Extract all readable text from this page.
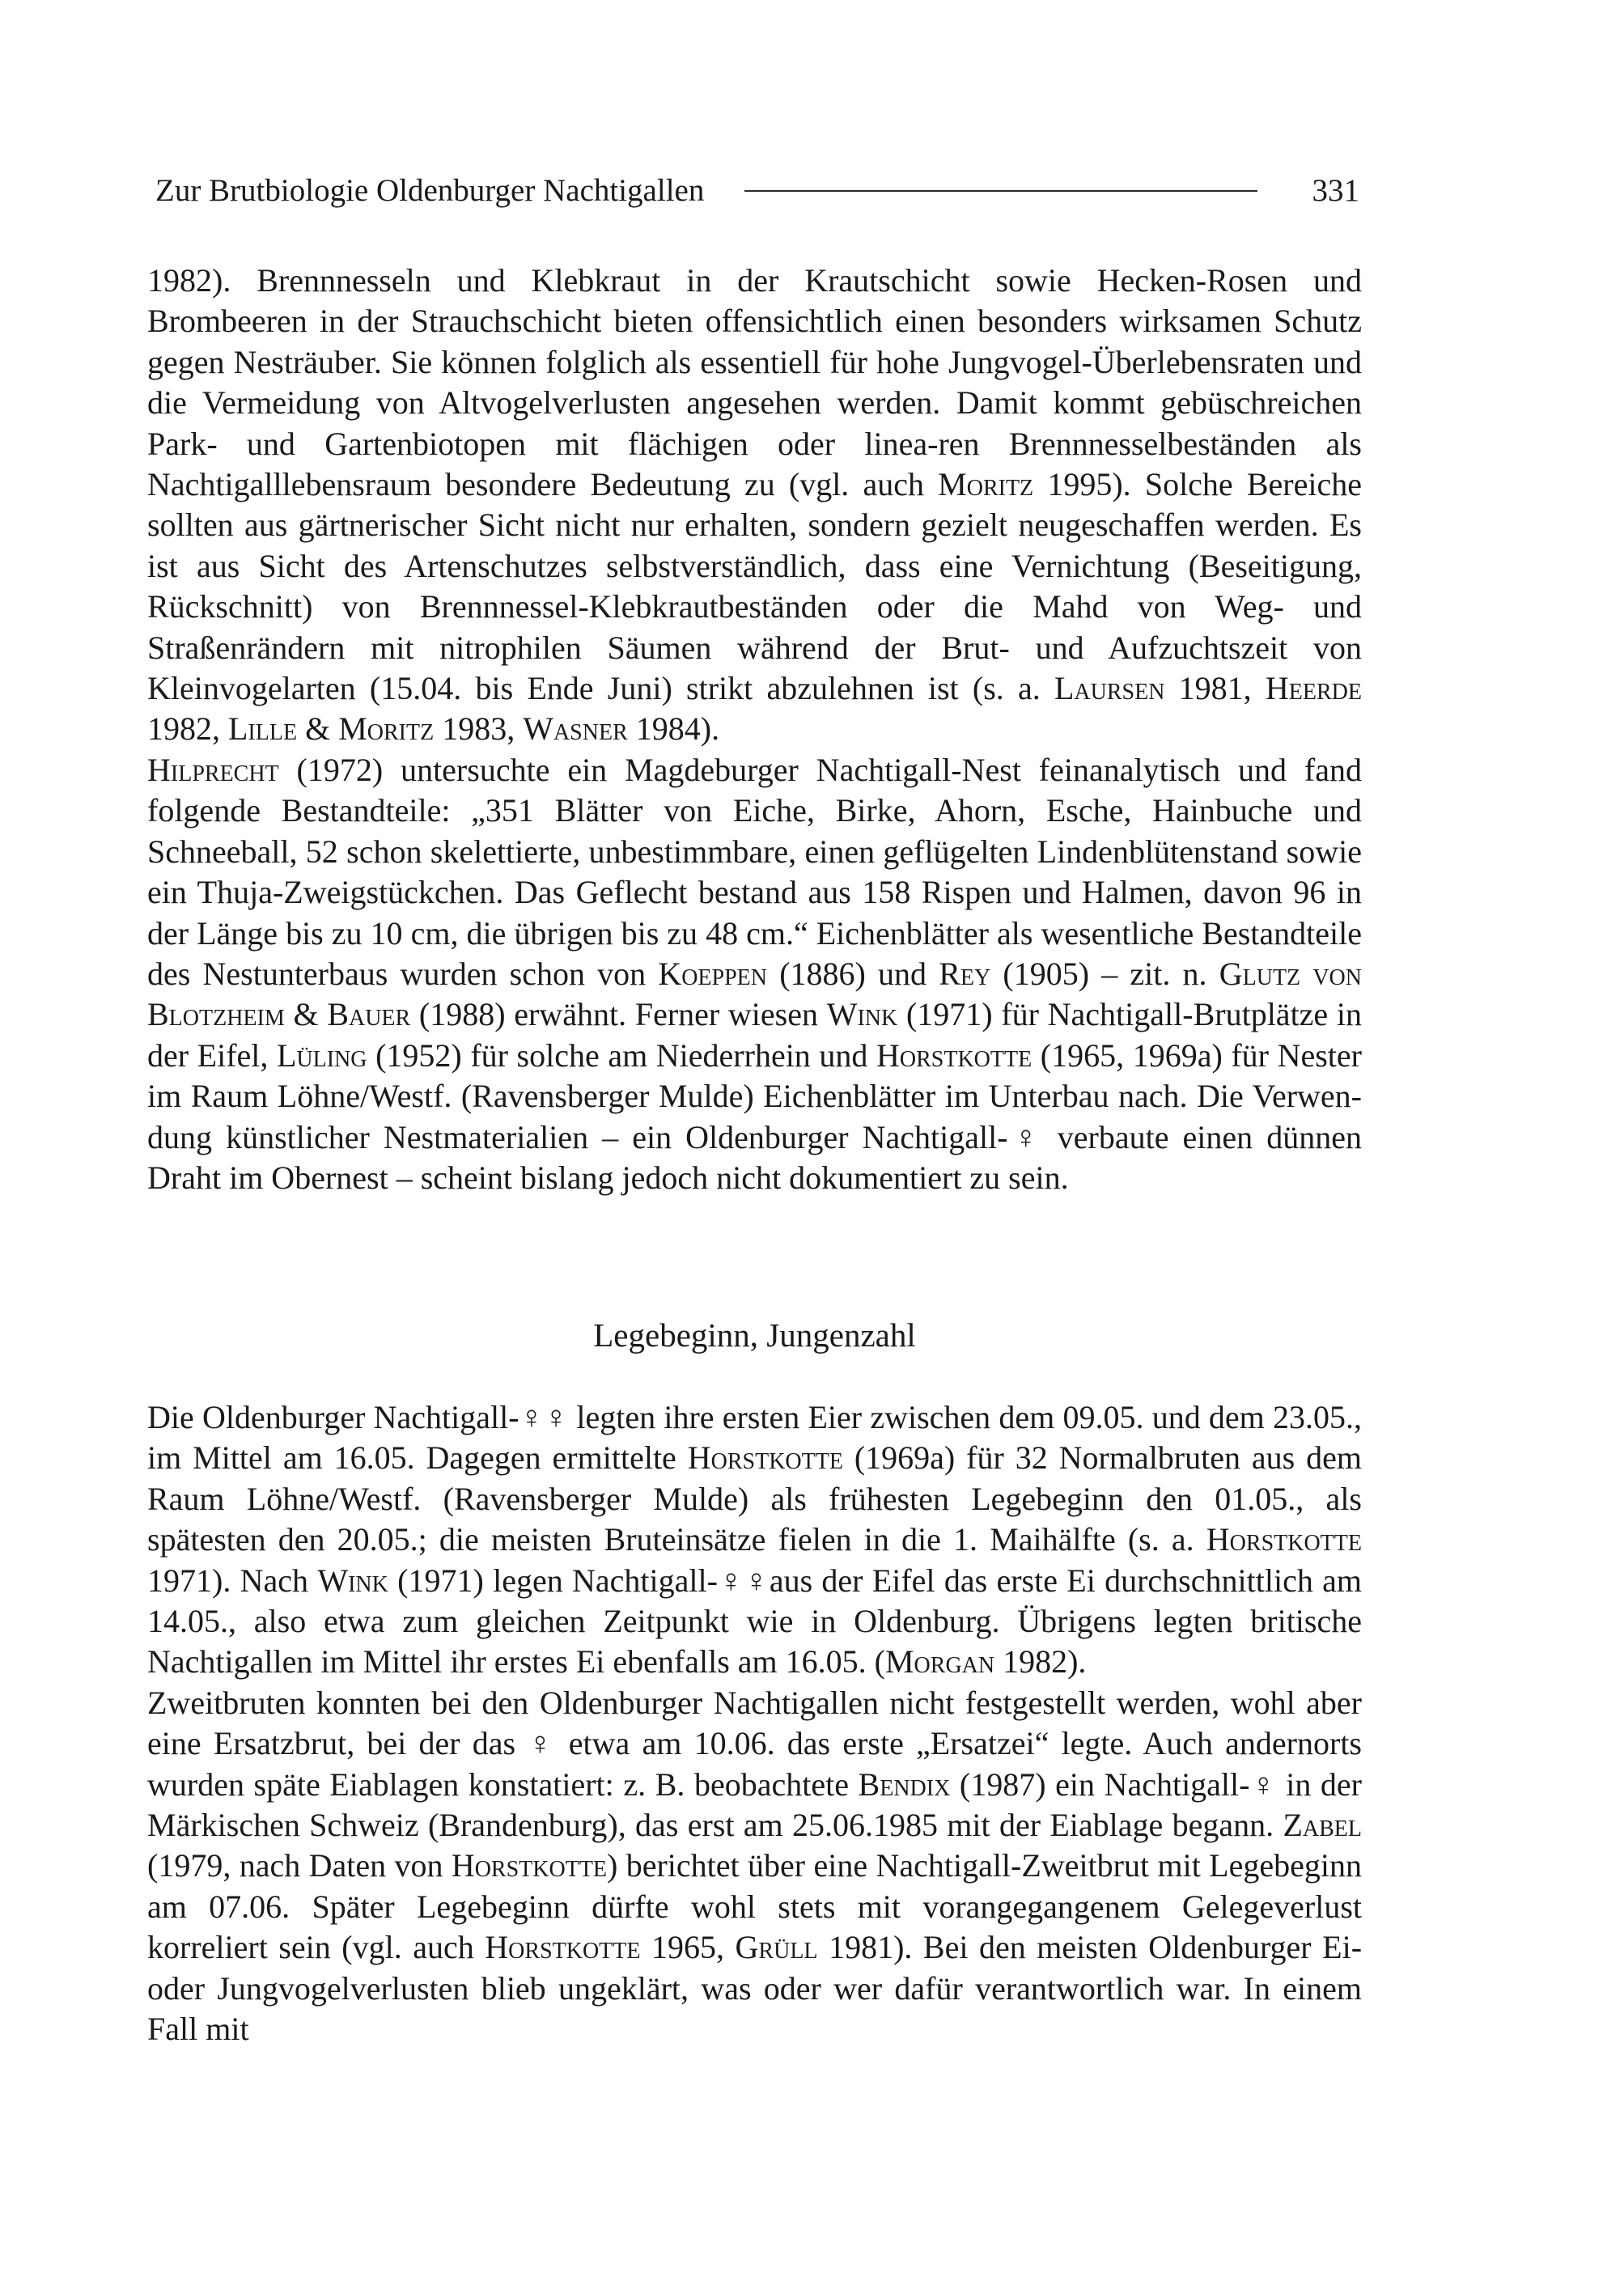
Zur Brutbiologie Oldenburger Nachtigallen	331

1982). Brennnesseln und Klebkraut in der Krautschicht sowie Hecken-Rosen und Brombeeren in der Strauchschicht bieten offensichtlich einen besonders wirksamen Schutz gegen Nesträuber. Sie können folglich als essentiell für hohe Jungvogel-Überlebensraten und die Vermeidung von Altvogelverlusten angesehen werden. Damit kommt gebüschreichen Park- und Gartenbiotopen mit flächigen oder linea-ren Brennnesselbeständen als Nachtigalllebensraum besondere Bedeutung zu (vgl. auch Moritz 1995). Solche Bereiche sollten aus gärtnerischer Sicht nicht nur erhalten, sondern gezielt neugeschaffen werden. Es ist aus Sicht des Artenschutzes selbstverständlich, dass eine Vernichtung (Beseitigung, Rückschnitt) von Brennnessel-Klebkrautbeständen oder die Mahd von Weg- und Straßenrändern mit nitrophilen Säumen während der Brut- und Aufzuchtszeit von Kleinvogelarten (15.04. bis Ende Juni) strikt abzulehnen ist (s. a. Laursen 1981, Heerde 1982, Lille & Moritz 1983, Wasner 1984).

Hilprecht (1972) untersuchte ein Magdeburger Nachtigall-Nest feinanalytisch und fand folgende Bestandteile: „351 Blätter von Eiche, Birke, Ahorn, Esche, Hainbuche und Schneeball, 52 schon skelettierte, unbestimmbare, einen geflügelten Lindenblütenstand sowie ein Thuja-Zweigstückchen. Das Geflecht bestand aus 158 Rispen und Halmen, davon 96 in der Länge bis zu 10 cm, die übrigen bis zu 48 cm.“ Eichenblätter als wesentliche Bestandteile des Nestunterbaus wurden schon von Koeppen (1886) und Rey (1905) – zit. n. Glutz von Blotzheim & Bauer (1988) erwähnt. Ferner wiesen Wink (1971) für Nachtigall-Brutplätze in der Eifel, Lüling (1952) für solche am Niederrhein und Horstkotte (1965, 1969a) für Nester im Raum Löhne/Westf. (Ravensberger Mulde) Eichenblätter im Unterbau nach. Die Verwendung künstlicher Nestmaterialien – ein Oldenburger Nachtigall-♀ verbaute einen dünnen Draht im Obernest – scheint bislang jedoch nicht dokumentiert zu sein.

Legebeginn, Jungenzahl

Die Oldenburger Nachtigall-♀♀ legten ihre ersten Eier zwischen dem 09.05. und dem 23.05., im Mittel am 16.05. Dagegen ermittelte Horstkotte (1969a) für 32 Normalbruten aus dem Raum Löhne/Westf. (Ravensberger Mulde) als frühesten Legebeginn den 01.05., als spätesten den 20.05.; die meisten Bruteinsätze fielen in die 1. Maihälfte (s. a. Horstkotte 1971). Nach Wink (1971) legen Nachtigall-♀♀aus der Eifel das erste Ei durchschnittlich am 14.05., also etwa zum gleichen Zeitpunkt wie in Oldenburg. Übrigens legten britische Nachtigallen im Mittel ihr erstes Ei ebenfalls am 16.05. (Morgan 1982).

Zweitbruten konnten bei den Oldenburger Nachtigallen nicht festgestellt werden, wohl aber eine Ersatzbrut, bei der das ♀ etwa am 10.06. das erste „Ersatzei“ legte. Auch andernorts wurden späte Eiablagen konstatiert: z. B. beobachtete Bendix (1987) ein Nachtigall-♀ in der Märkischen Schweiz (Brandenburg), das erst am 25.06.1985 mit der Eiablage begann. Zabel (1979, nach Daten von Horstkotte) berichtet über eine Nachtigall-Zweitbrut mit Legebeginn am 07.06. Später Legebeginn dürfte wohl stets mit vorangegangenem Gelegeverlust korreliert sein (vgl. auch Horstkotte 1965, Grüll 1981). Bei den meisten Oldenburger Ei- oder Jungvogelverlusten blieb ungeklärt, was oder wer dafür verantwortlich war. In einem Fall mit
